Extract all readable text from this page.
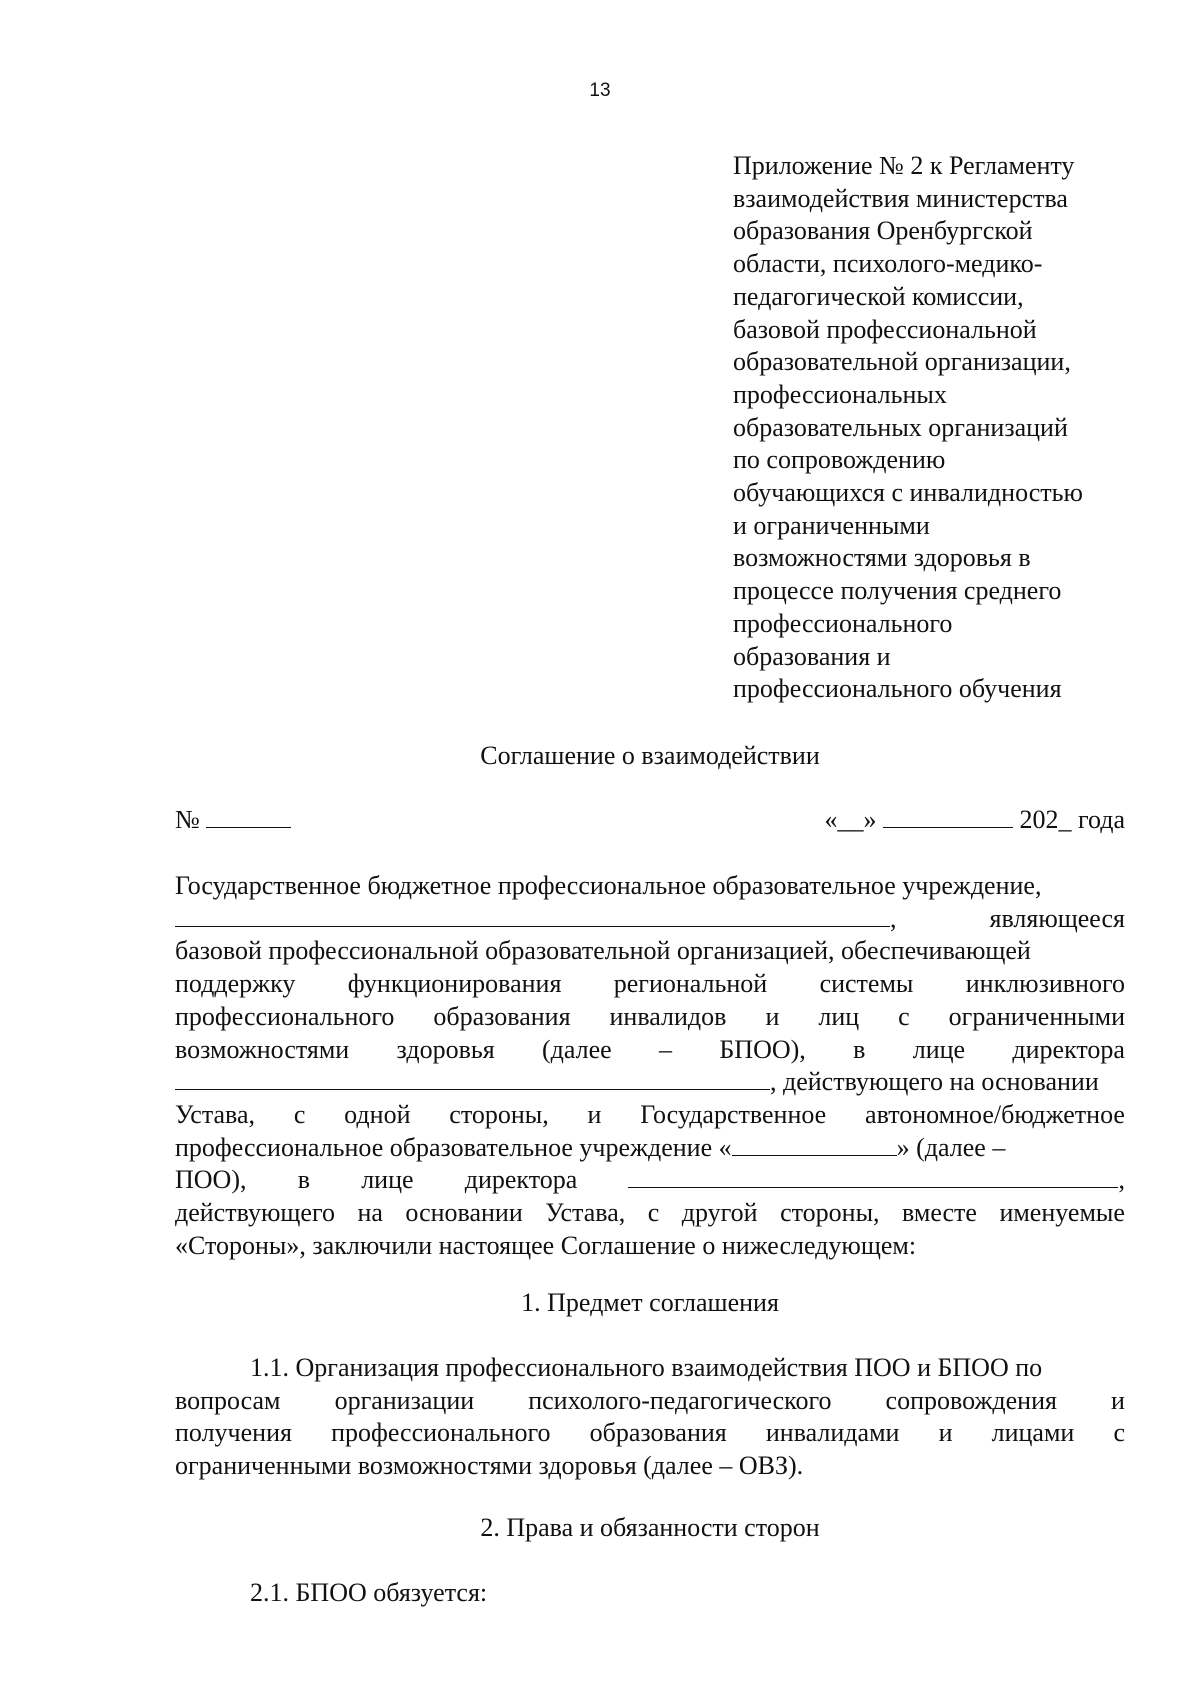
13
Приложение № 2 к Регламенту
взаимодействия министерства
образования Оренбургской
области, психолого-медико-
педагогической комиссии,
базовой профессиональной
образовательной организации,
профессиональных
образовательных организаций
по сопровождению
обучающихся с инвалидностью
и ограниченными
возможностями здоровья в
процессе получения среднего
профессионального
образования и
профессионального обучения
Соглашение о взаимодействии
№	«__»	202_ года
Государственное бюджетное профессиональное образовательное учреждение,
,	являющееся
базовой профессиональной образовательной организацией, обеспечивающей
поддержку функционирования региональной системы инклюзивного
профессионального образования инвалидов и лиц с ограниченными
возможностями здоровья (далее – БПОО), в лице директора
, действующего на основании
Устава, с одной стороны, и Государственное автономное/бюджетное
профессиональное образовательное учреждение «	» (далее –
ПОО), в лице директора	,
действующего на основании Устава, с другой стороны, вместе именуемые
«Стороны», заключили настоящее Соглашение о нижеследующем:
1. Предмет соглашения
1.1. Организация профессионального взаимодействия ПОО и БПОО по
вопросам организации психолого-педагогического сопровождения и
получения профессионального образования инвалидами и лицами с
ограниченными возможностями здоровья (далее – ОВЗ).
2. Права и обязанности сторон
2.1. БПОО обязуется:
